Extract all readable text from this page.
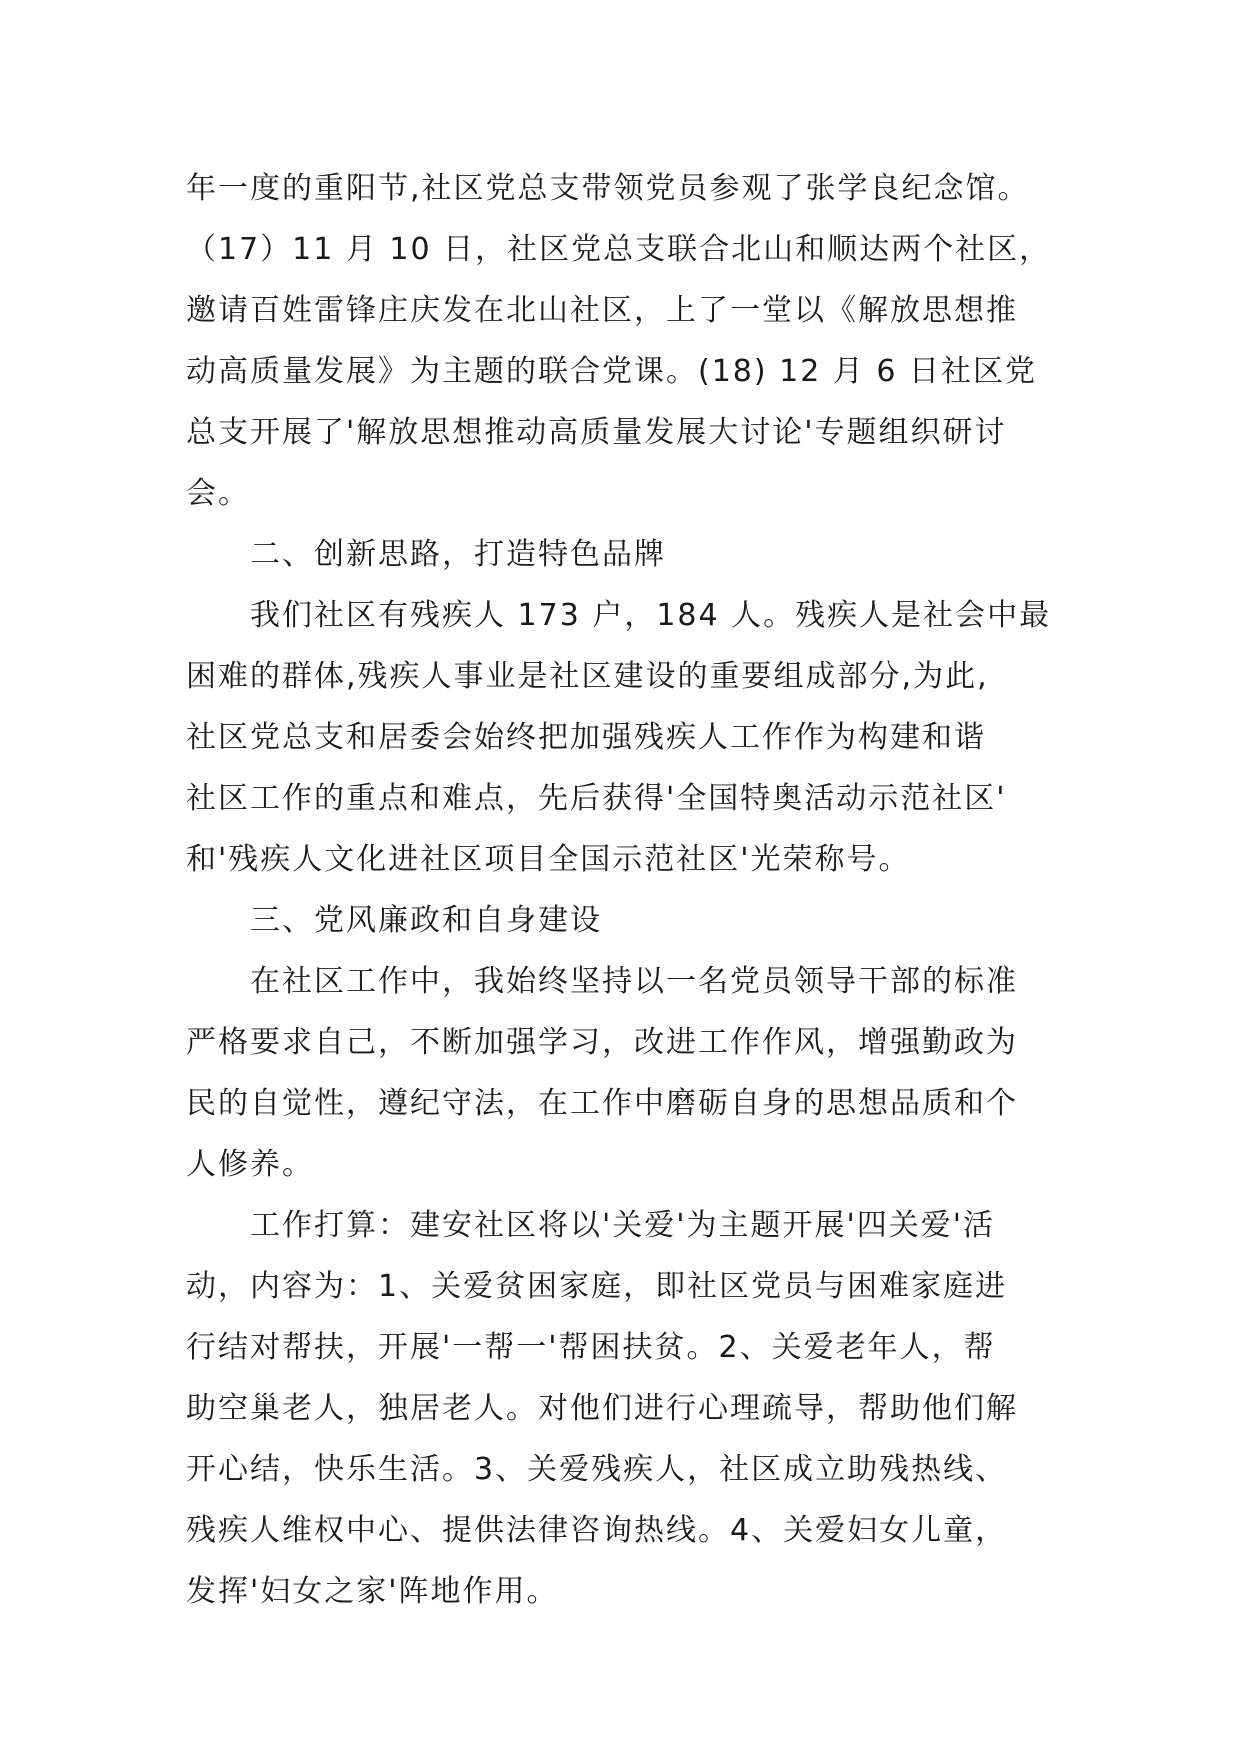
年一度的重阳节,社区党总支带领党员参观了张学良纪念馆。
（17）11 月 10 日，社区党总支联合北山和顺达两个社区，
邀请百姓雷锋庄庆发在北山社区，上了一堂以《解放思想推
动高质量发展》为主题的联合党课。(18) 12 月 6 日社区党
总支开展了'解放思想推动高质量发展大讨论'专题组织研讨
会。
二、创新思路，打造特色品牌
我们社区有残疾人 173 户，184 人。残疾人是社会中最
困难的群体,残疾人事业是社区建设的重要组成部分,为此,
社区党总支和居委会始终把加强残疾人工作作为构建和谐
社区工作的重点和难点，先后获得'全国特奥活动示范社区'
和'残疾人文化进社区项目全国示范社区'光荣称号。
三、党风廉政和自身建设
在社区工作中，我始终坚持以一名党员领导干部的标准
严格要求自己，不断加强学习，改进工作作风，增强勤政为
民的自觉性，遵纪守法，在工作中磨砺自身的思想品质和个
人修养。
工作打算：建安社区将以'关爱'为主题开展'四关爱'活
动，内容为：1、关爱贫困家庭，即社区党员与困难家庭进
行结对帮扶，开展'一帮一'帮困扶贫。2、关爱老年人，帮
助空巢老人，独居老人。对他们进行心理疏导，帮助他们解
开心结，快乐生活。3、关爱残疾人，社区成立助残热线、
残疾人维权中心、提供法律咨询热线。4、关爱妇女儿童，
发挥'妇女之家'阵地作用。
